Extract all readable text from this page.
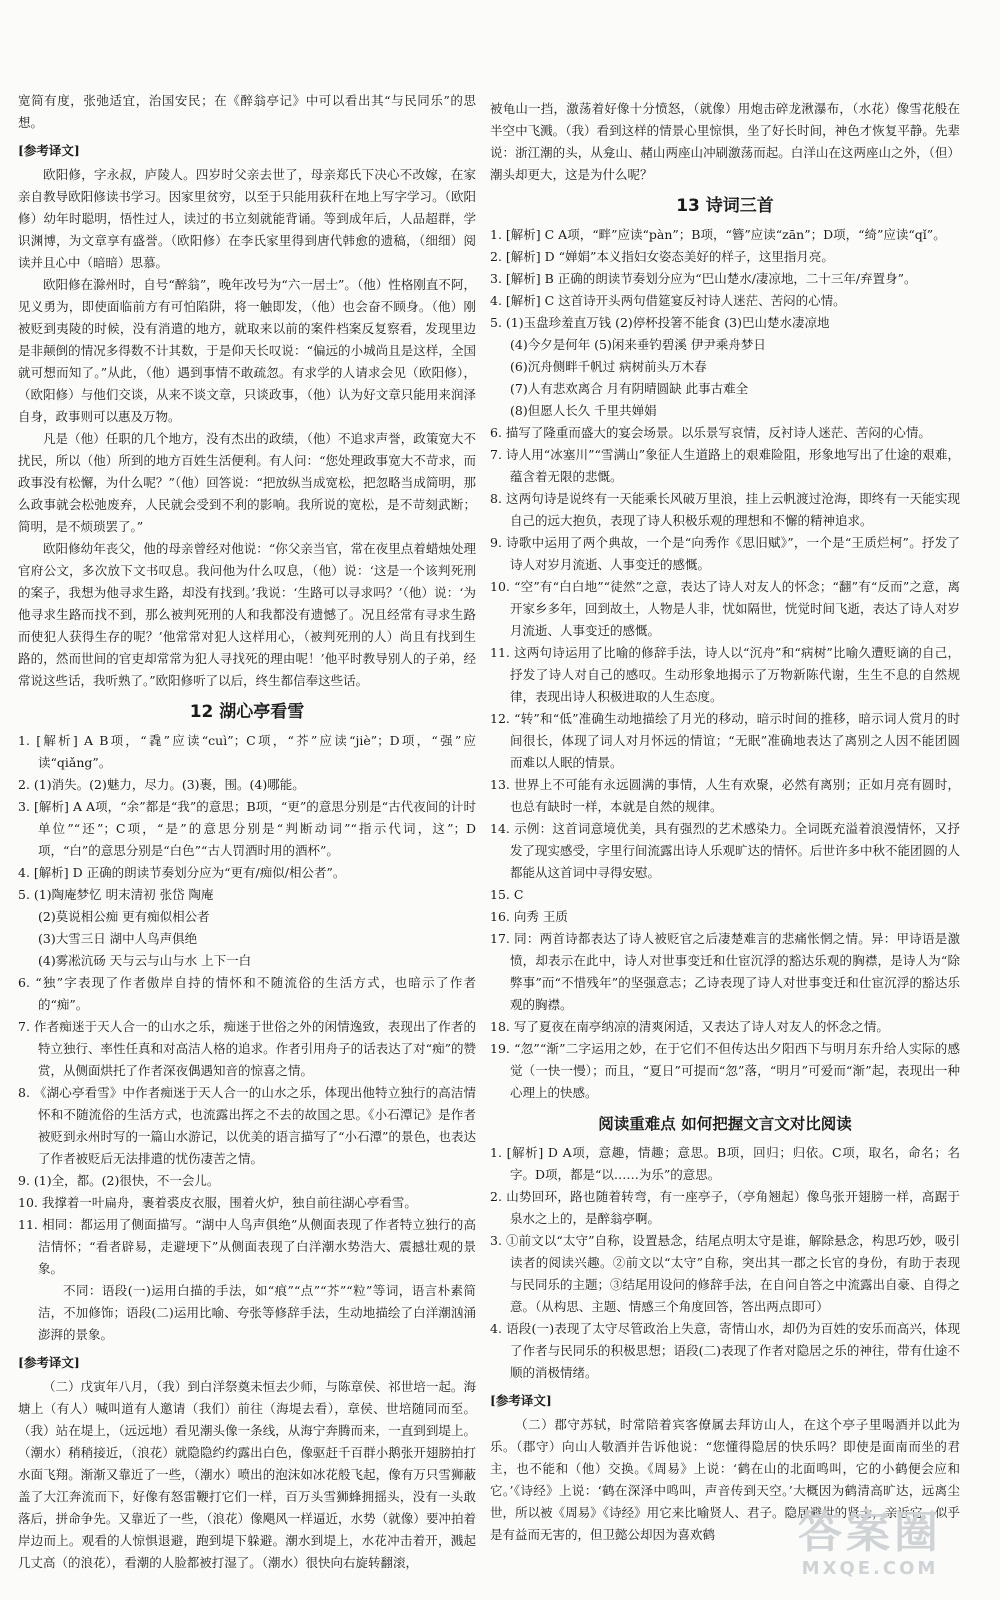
宽简有度，张弛适宜，治国安民；在《醉翁亭记》中可以看出其“与民同乐”的思想。

[参考译文]

欧阳修，字永叔，庐陵人。四岁时父亲去世了，母亲郑氏下决心不改嫁，在家亲自教导欧阳修读书学习。因家里贫穷，以至于只能用荻秆在地上写字学习。（欧阳修）幼年时聪明，悟性过人，读过的书立刻就能背诵。等到成年后，人品超群，学识渊博，为文章享有盛誉。（欧阳修）在李氏家里得到唐代韩愈的遗稿，（细细）阅读并且心中（暗暗）思慕。

欧阳修在滁州时，自号“醉翁”，晚年改号为“六一居士”。（他）性格刚直不阿，见义勇为，即使面临前方有可怕陷阱，将一触即发，（他）也会奋不顾身。（他）刚被贬到夷陵的时候，没有消遣的地方，就取来以前的案件档案反复察看，发现里边是非颠倒的情况多得数不计其数，于是仰天长叹说：“偏远的小城尚且是这样，全国就可想而知了。”从此，（他）遇到事情不敢疏忽。有求学的人请求会见（欧阳修），（欧阳修）与他们交谈，从来不谈文章，只谈政事，（他）认为好文章只能用来润泽自身，政事则可以惠及万物。

凡是（他）任职的几个地方，没有杰出的政绩，（他）不追求声誉，政策宽大不扰民，所以（他）所到的地方百姓生活便利。有人问：“您处理政事宽大不苛求，而政事没有松懈，为什么呢？”（他）回答说：“把放纵当成宽松，把忽略当成简明，那么政事就会松弛废弃，人民就会受到不利的影响。我所说的宽松，是不苛刻武断；简明，是不烦琐罢了。”

欧阳修幼年丧父，他的母亲曾经对他说：“你父亲当官，常在夜里点着蜡烛处理官府公文，多次放下文书叹息。我问他为什么叹息，（他）说：‘这是一个该判死刑的案子，我想为他寻求生路，却没有找到。’我说：‘生路可以寻求吗？’（他）说：‘为他寻求生路而找不到，那么被判死刑的人和我都没有遗憾了。况且经常有寻求生路而使犯人获得生存的呢？’他常常对犯人这样用心，（被判死刑的人）尚且有找到生路的，然而世间的官吏却常常为犯人寻找死的理由呢！’他平时教导别人的子弟，经常说这些话，我听熟了。”欧阳修听了以后，终生都信奉这些话。

12 湖心亭看雪

1. [解析] A B项，“毳”应读“cuì”；C项，“芥”应读“jiè”；D项，“强”应读“qiǎng”。

2. (1)消失。(2)魅力，尽力。(3)裹，围。(4)哪能。

3. [解析] A A项，“余”都是“我”的意思；B项，“更”的意思分别是“古代夜间的计时单位”“还”；C项，“是”的意思分别是“判断动词”“指示代词，这”；D项，“白”的意思分别是“白色”“古人罚酒时用的酒杯”。

4. [解析] D 正确的朗读节奏划分应为“更有/痴似/相公者”。

5. (1)陶庵梦忆 明末清初 张岱 陶庵

(2)莫说相公痴 更有痴似相公者

(3)大雪三日 湖中人鸟声俱绝

(4)雾凇沆砀 天与云与山与水 上下一白

6. “独”字表现了作者傲岸自持的情怀和不随流俗的生活方式，也暗示了作者的“痴”。

7. 作者痴迷于天人合一的山水之乐，痴迷于世俗之外的闲情逸致，表现出了作者的特立独行、率性任真和对高洁人格的追求。作者引用舟子的话表达了对“痴”的赞赏，从侧面烘托了作者深夜偶遇知音的惊喜之情。

8. 《湖心亭看雪》中作者痴迷于天人合一的山水之乐，体现出他特立独行的高洁情怀和不随流俗的生活方式，也流露出挥之不去的故国之思。《小石潭记》是作者被贬到永州时写的一篇山水游记，以优美的语言描写了“小石潭”的景色，也表达了作者被贬后无法排遣的忧伤凄苦之情。

9. (1)全，都。(2)很快，不一会儿。

10. 我撑着一叶扁舟，裹着裘皮衣服，围着火炉，独自前往湖心亭看雪。

11. 相同：都运用了侧面描写。“湖中人鸟声俱绝”从侧面表现了作者特立独行的高洁情怀；“看者辟易，走避埂下”从侧面表现了白洋潮水势浩大、震撼壮观的景象。

不同：语段(一)运用白描的手法，如“痕”“点”“芥”“粒”等词，语言朴素简洁，不加修饰；语段(二)运用比喻、夸张等修辞手法，生动地描绘了白洋潮汹涌澎湃的景象。

[参考译文]

（二）戊寅年八月，（我）到白洋祭奠未恒去少师，与陈章侯、祁世培一起。海塘上（有人）喊叫道有人邀请（我们）前往（海堤去看），章侯、世培随同而至。（我）站在堤上，（远远地）看见潮头像一条线，从海宁奔腾而来，一直到到堤上。（潮水）稍稍接近，（浪花）就隐隐约约露出白色，像驱赶千百群小鹅张开翅膀拍打水面飞翔。渐渐又靠近了一些，（潮水）喷出的泡沫如冰花般飞起，像有万只雪狮蔽盖了大江奔流而下，好像有怒雷鞭打它们一样，百万头雪狮蜂拥摇头，没有一头敢落后，拼命争先。又靠近了一些，（浪花）像飓风一样逼近，水势（就像）要冲拍着岸边而上。观看的人惊惧退避，跑到堤下躲避。潮水到堤上，水花冲击着开，溅起几丈高（的浪花），看潮的人脸都被打湿了。（潮水）很快向右旋转翻滚，

被龟山一挡，激荡着好像十分愤怒，（就像）用炮击碎龙湫瀑布，（水花）像雪花般在半空中飞溅。（我）看到这样的情景心里惊惧，坐了好长时间，神色才恢复平静。先辈说：浙江潮的头，从龛山、赭山两座山冲刷激荡而起。白洋山在这两座山之外，（但）潮头却更大，这是为什么呢？

13 诗词三首

1. [解析] C A项，“畔”应读“pàn”；B项，“簪”应读“zān”；D项，“绮”应读“qǐ”。

2. [解析] D “婵娟”本义指妇女姿态美好的样子，这里指月亮。

3. [解析] B 正确的朗读节奏划分应为“巴山楚水/凄凉地，二十三年/弃置身”。

4. [解析] C 这首诗开头两句借筵宴反衬诗人迷茫、苦闷的心情。

5. (1)玉盘珍羞直万钱 (2)停杯投箸不能食 (3)巴山楚水凄凉地

(4)今夕是何年 (5)闲来垂钓碧溪 伊尹乘舟梦日

(6)沉舟侧畔千帆过 病树前头万木春

(7)人有悲欢离合 月有阴晴圆缺 此事古难全

(8)但愿人长久 千里共婵娟

6. 描写了隆重而盛大的宴会场景。以乐景写哀情，反衬诗人迷茫、苦闷的心情。

7. 诗人用“冰塞川”“雪满山”象征人生道路上的艰难险阻，形象地写出了仕途的艰难，蕴含着无限的悲慨。

8. 这两句诗是说终有一天能乘长风破万里浪，挂上云帆渡过沧海，即终有一天能实现自己的远大抱负，表现了诗人积极乐观的理想和不懈的精神追求。

9. 诗歌中运用了两个典故，一个是“向秀作《思旧赋》”，一个是“王质烂柯”。抒发了诗人对岁月流逝、人事变迁的感慨。

10. “空”有“白白地”“徒然”之意，表达了诗人对友人的怀念；“翻”有“反而”之意，离开家乡多年，回到故土，人物是人非，忧如隔世，恍觉时间飞逝，表达了诗人对岁月流逝、人事变迁的感慨。

11. 这两句诗运用了比喻的修辞手法，诗人以“沉舟”和“病树”比喻久遭贬谪的自己，抒发了诗人对自己的感叹。生动形象地揭示了万物新陈代谢，生生不息的自然规律，表现出诗人积极进取的人生态度。

12. “转”和“低”准确生动地描绘了月光的移动，暗示时间的推移，暗示词人赏月的时间很长，体现了词人对月怀远的情谊；“无眠”准确地表达了离别之人因不能团圆而难以人眠的情景。

13. 世界上不可能有永远圆满的事情，人生有欢聚，必然有离别；正如月亮有圆时，也总有缺时一样，本就是自然的规律。

14. 示例：这首词意境优美，具有强烈的艺术感染力。全词既充溢着浪漫情怀，又抒发了现实感受，字里行间流露出诗人乐观旷达的情怀。后世许多中秋不能团圆的人都能从这首词中寻得安慰。

15. C

16. 向秀 王质

17. 同：两首诗都表达了诗人被贬官之后凄楚难言的悲痛怅惘之情。异：甲诗语是激愤，却表示在此中，诗人对世事变迁和仕宦沉浮的豁达乐观的胸襟，是诗人为“除弊事”而“不惜残年”的坚强意志；乙诗表现了诗人对世事变迁和仕宦沉浮的豁达乐观的胸襟。

18. 写了夏夜在南亭纳凉的清爽闲适，又表达了诗人对友人的怀念之情。

19. “忽”“渐”二字运用之妙，在于它们不但传达出夕阳西下与明月东升给人实际的感觉（一快一慢）；而且，“夏日”可提而“忽”落，“明月”可爱而“渐”起，表现出一种心理上的快感。

阅读重难点 如何把握文言文对比阅读

1. [解析] D A项，意趣，情趣；意思。B项，回归；归依。C项，取名，命名；名字。D项，都是“以……为乐”的意思。

2. 山势回环，路也随着转弯，有一座亭子，（亭角翘起）像鸟张开翅膀一样，高踞于泉水之上的，是醉翁亭啊。

3. ①前文以“太守”自称，设置悬念，结尾点明太守是谁，解除悬念，构思巧妙，吸引读者的阅读兴趣。②前文以“太守”自称，突出其一郡之长官的身份，有助于表现与民同乐的主题；③结尾用设问的修辞手法，在自问自答之中流露出自豪、自得之意。（从构思、主题、情感三个角度回答，答出两点即可）

4. 语段(一)表现了太守尽管政治上失意，寄情山水，却仍为百姓的安乐而高兴，体现了作者与民同乐的积极思想；语段(二)表现了作者对隐居之乐的神往，带有仕途不顺的消极情绪。

[参考译文]

（二）郡守苏轼，时常陪着宾客僚属去拜访山人，在这个亭子里喝酒并以此为乐。（郡守）向山人敬酒并告诉他说：“您懂得隐居的快乐吗？即使是面南而坐的君主，也不能和（他）交换。《周易》上说：‘鹤在山的北面鸣叫，它的小鹤便会应和它。’《诗经》上说：‘鹤在深泽中鸣叫，声音传到天空。’大概因为鹤清高旷达，远离尘世，所以被《周易》《诗经》用它来比喻贤人、君子。隐居避世的贤士，亲近它，似乎是有益而无害的，但卫懿公却因为喜欢鹤	答案圈
MXQE.COM
